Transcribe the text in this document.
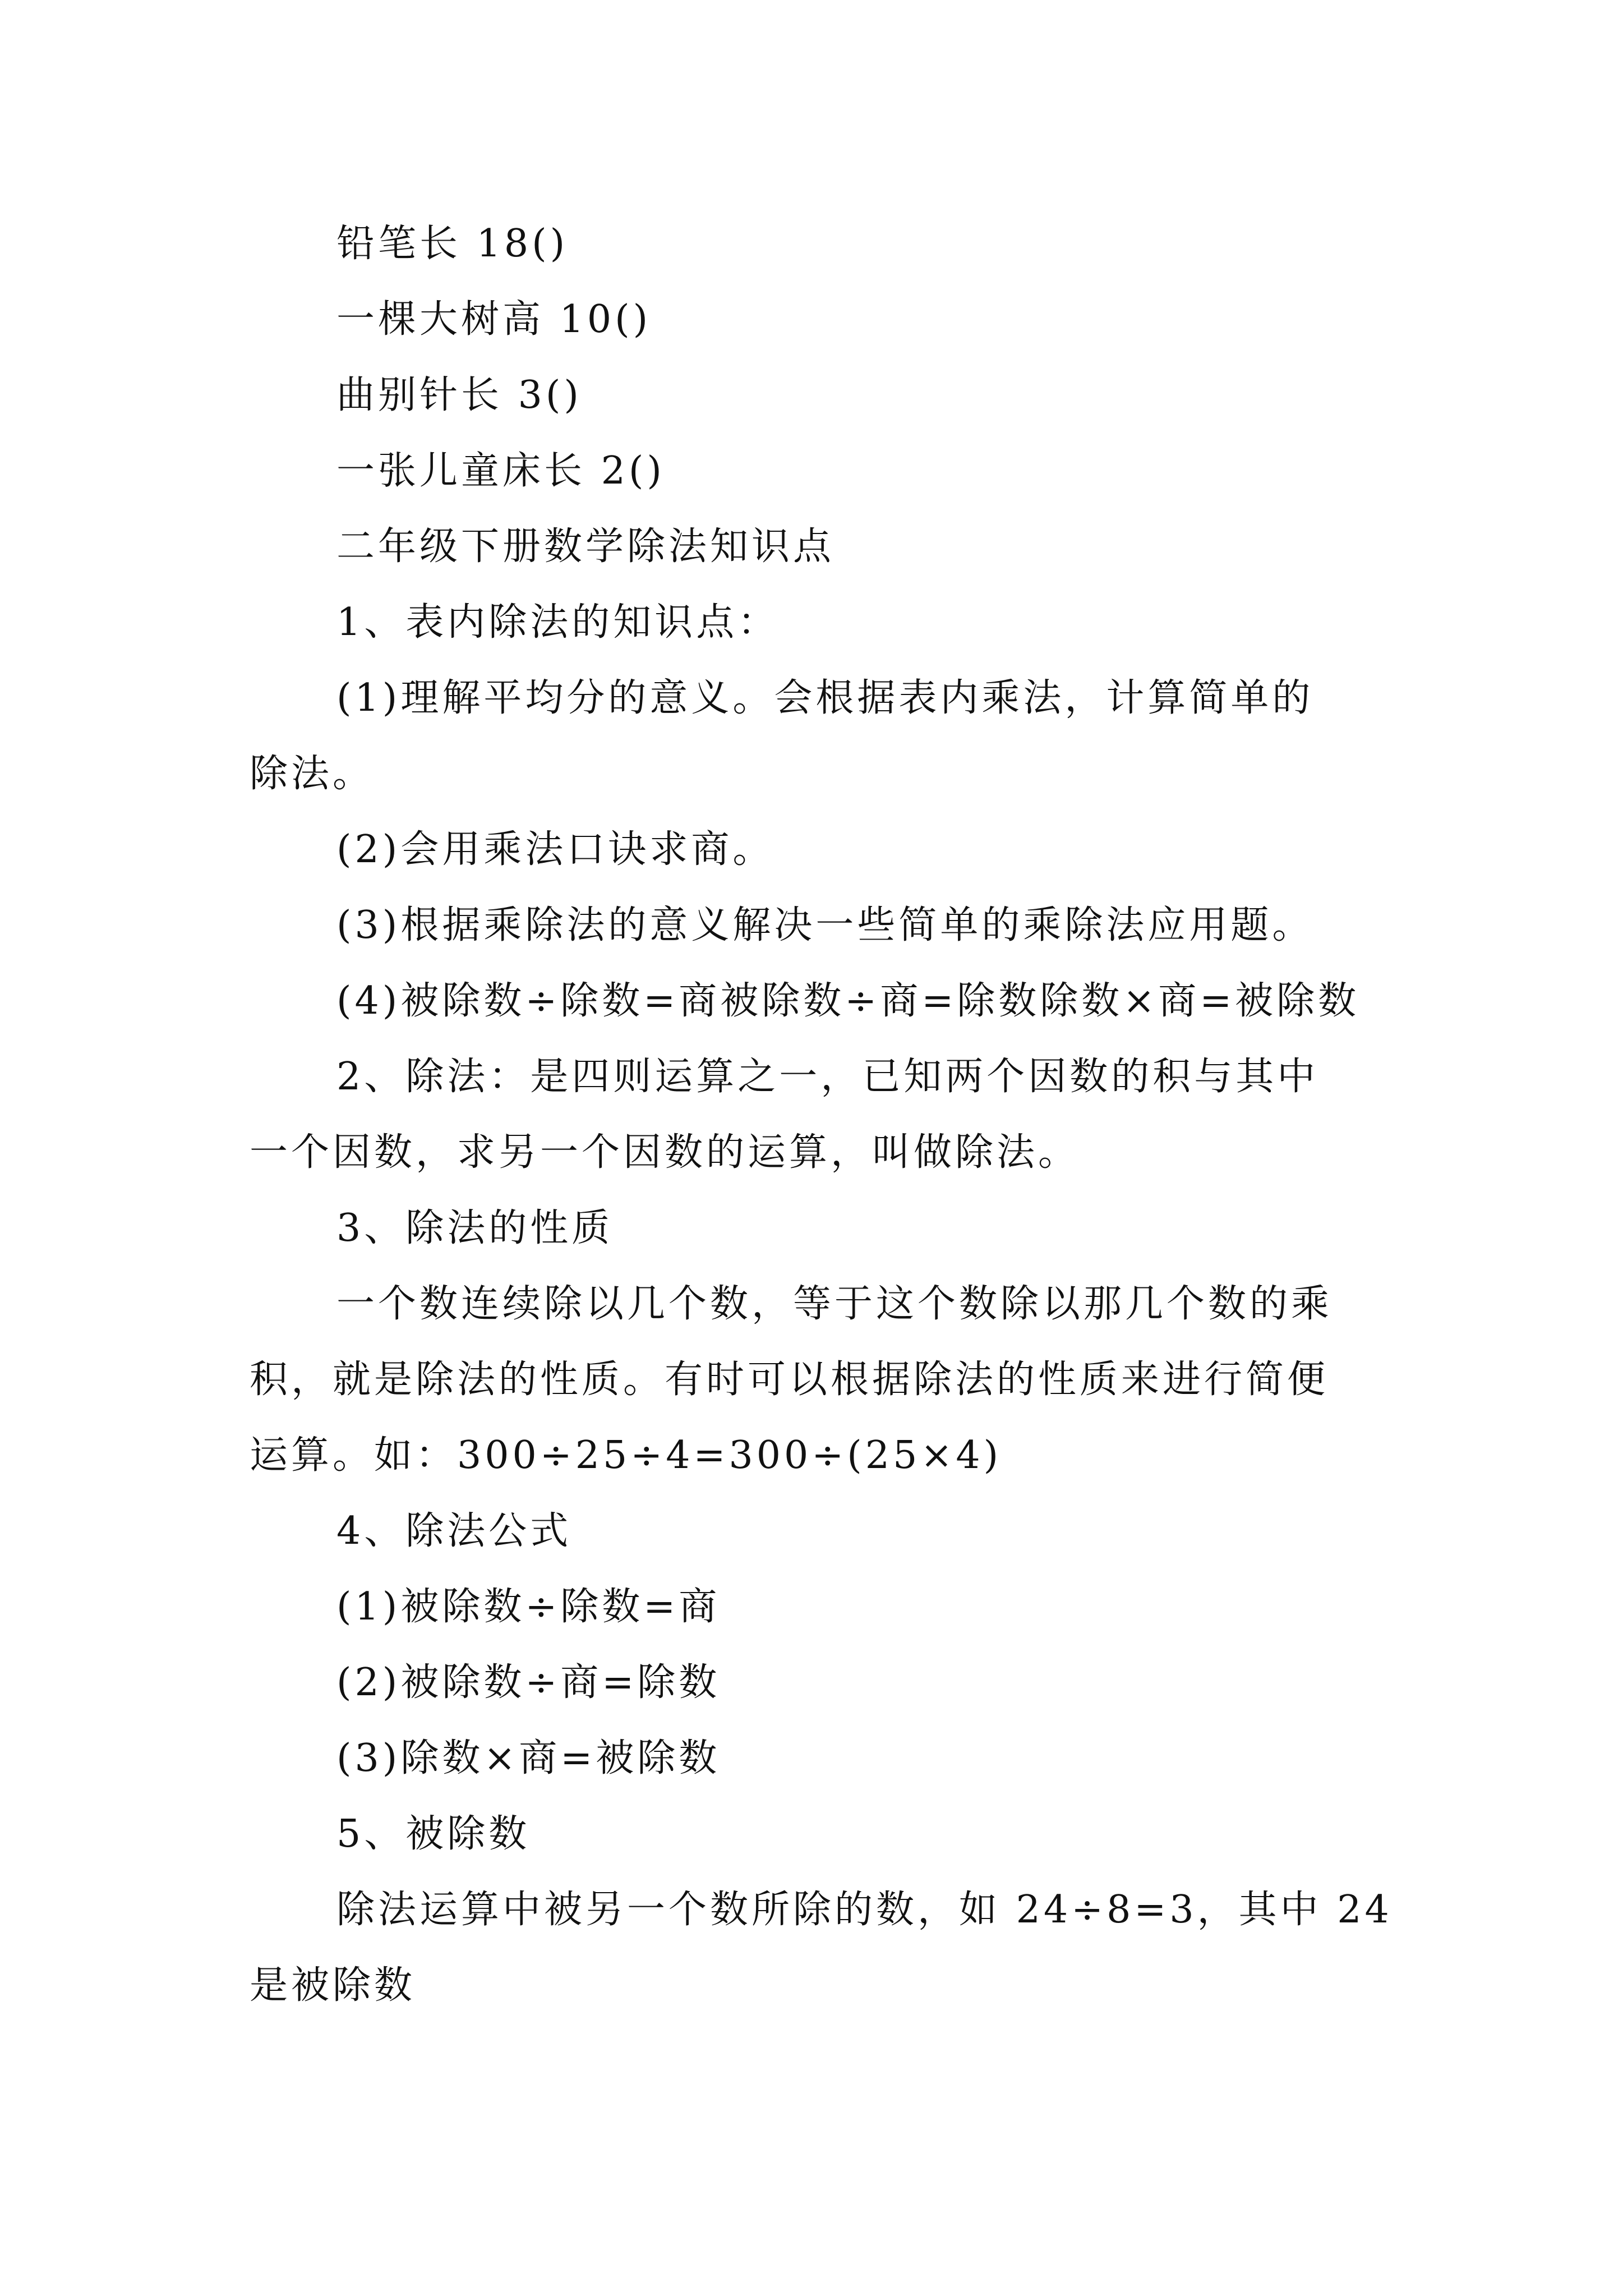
铅笔长 18()
一棵大树高 10()
曲别针长 3()
一张儿童床长 2()
二年级下册数学除法知识点
1、表内除法的知识点：
(1)理解平均分的意义。会根据表内乘法，计算简单的
除法。
(2)会用乘法口诀求商。
(3)根据乘除法的意义解决一些简单的乘除法应用题。
(4)被除数÷除数=商被除数÷商=除数除数×商=被除数
2、除法：是四则运算之一，已知两个因数的积与其中
一个因数，求另一个因数的运算，叫做除法。
3、除法的性质
一个数连续除以几个数，等于这个数除以那几个数的乘
积，就是除法的性质。有时可以根据除法的性质来进行简便
运算。如：300÷25÷4=300÷(25×4)
4、除法公式
(1)被除数÷除数=商
(2)被除数÷商=除数
(3)除数×商=被除数
5、被除数
除法运算中被另一个数所除的数，如 24÷8=3，其中 24
是被除数
